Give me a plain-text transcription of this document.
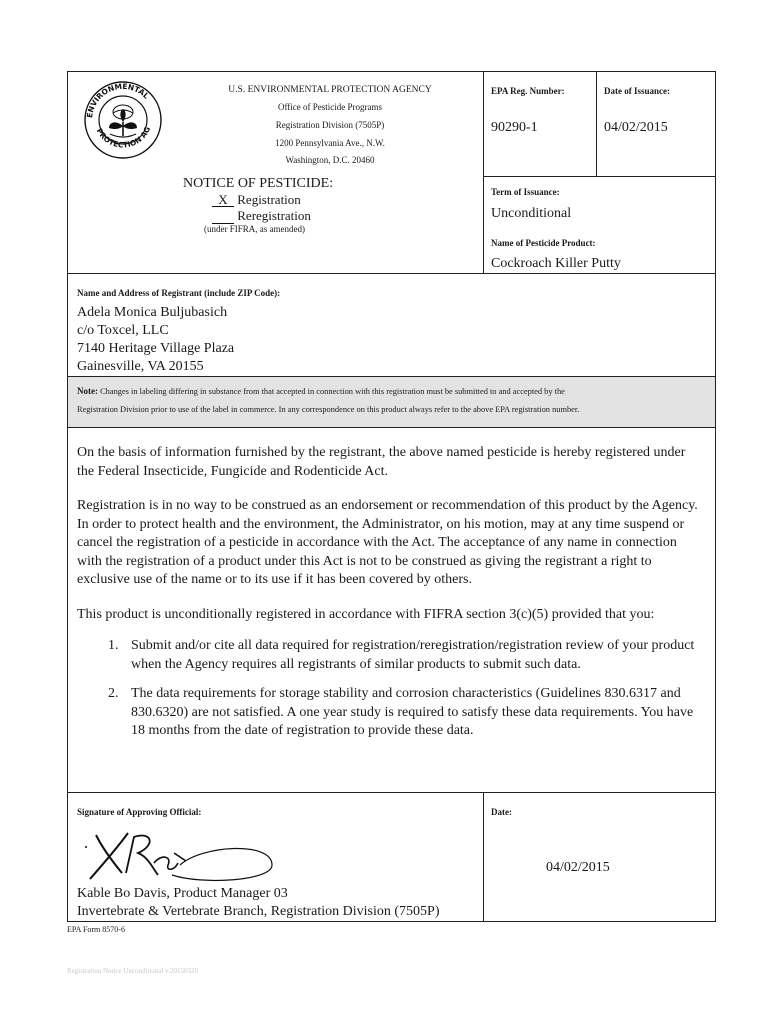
ENVIRONMENTAL
PROTECTION AG
U.S. ENVIRONMENTAL PROTECTION AGENCY
Office of Pesticide Programs
Registration Division (7505P)
1200 Pennsylvania Ave., N.W.
Washington, D.C. 20460
NOTICE OF PESTICIDE:
X Registration
Reregistration
(under FIFRA, as amended)
EPA Reg. Number:
90290-1
Date of Issuance:
04/02/2015
Term of Issuance:
Unconditional
Name of Pesticide Product:
Cockroach Killer Putty
Name and Address of Registrant (include ZIP Code):
Adela Monica Buljubasich
c/o Toxcel, LLC
7140 Heritage Village Plaza
Gainesville, VA 20155
Note: Changes in labeling differing in substance from that accepted in connection with this registration must be submitted to and accepted by the
Registration Division prior to use of the label in commerce. In any correspondence on this product always refer to the above EPA registration number.

On the basis of information furnished by the registrant, the above named pesticide is hereby registered under the Federal Insecticide, Fungicide and Rodenticide Act.

Registration is in no way to be construed as an endorsement or recommendation of this product by the Agency. In order to protect health and the environment, the Administrator, on his motion, may at any time suspend or cancel the registration of a pesticide in accordance with the Act. The acceptance of any name in connection with the registration of a product under this Act is not to be construed as giving the registrant a right to exclusive use of the name or to its use if it has been covered by others.

This product is unconditionally registered in accordance with FIFRA section 3(c)(5) provided that you:

1. Submit and/or cite all data required for registration/reregistration/registration review of your product when the Agency requires all registrants of similar products to submit such data.
2. The data requirements for storage stability and corrosion characteristics (Guidelines 830.6317 and 830.6320) are not satisfied. A one year study is required to satisfy these data requirements. You have 18 months from the date of registration to provide these data.
Signature of Approving Official:
Kable Bo Davis, Product Manager 03
Invertebrate & Vertebrate Branch, Registration Division (7505P)
Date:
04/02/2015
EPA Form 8570-6
Registration Notice Unconditional v.20150320
